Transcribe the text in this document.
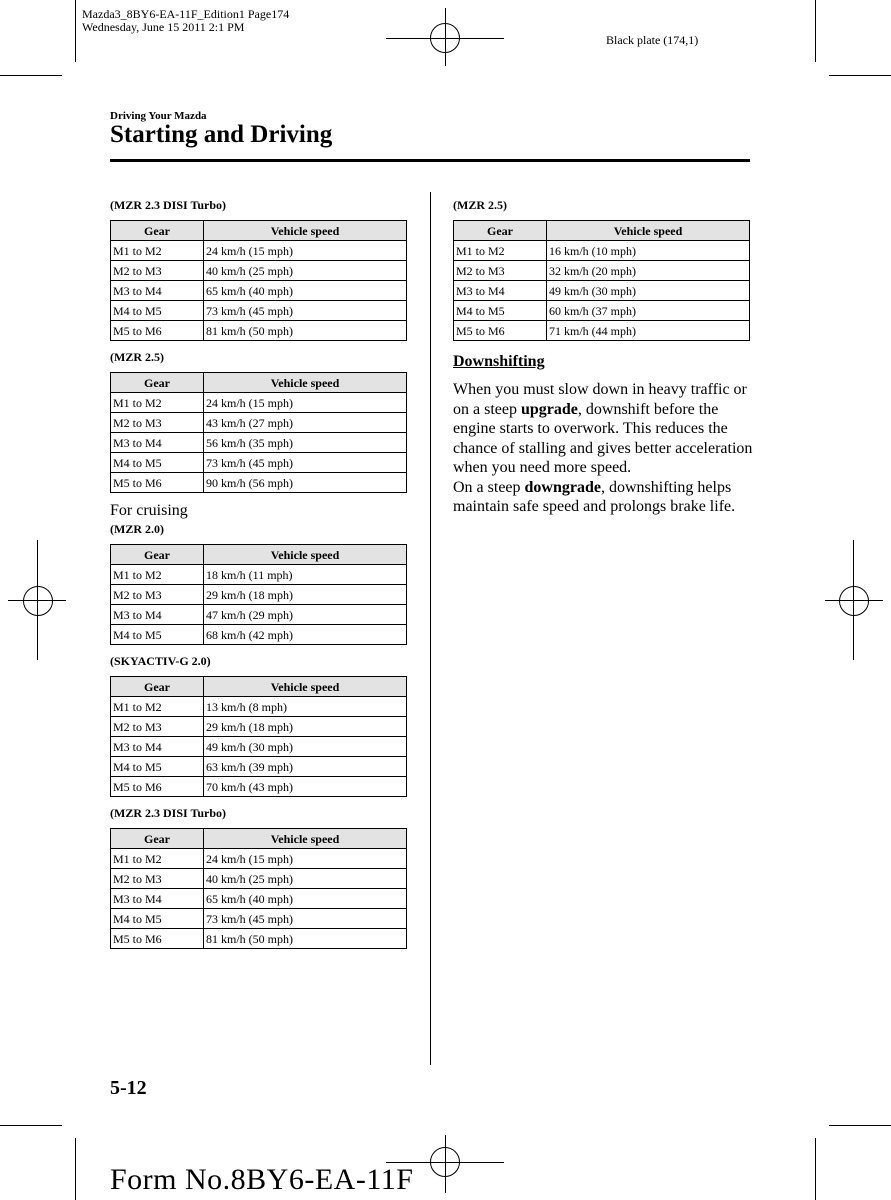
Mazda3_8BY6-EA-11F_Edition1 Page174
Wednesday, June 15 2011 2:1 PM
Black plate (174,1)
Driving Your Mazda
Starting and Driving
(MZR 2.3 DISI Turbo)
Gear	Vehicle speed
M1 to M2	24 km/h (15 mph)
M2 to M3	40 km/h (25 mph)
M3 to M4	65 km/h (40 mph)
M4 to M5	73 km/h (45 mph)
M5 to M6	81 km/h (50 mph)
(MZR 2.5)
Gear	Vehicle speed
M1 to M2	24 km/h (15 mph)
M2 to M3	43 km/h (27 mph)
M3 to M4	56 km/h (35 mph)
M4 to M5	73 km/h (45 mph)
M5 to M6	90 km/h (56 mph)
For cruising
(MZR 2.0)
Gear	Vehicle speed
M1 to M2	18 km/h (11 mph)
M2 to M3	29 km/h (18 mph)
M3 to M4	47 km/h (29 mph)
M4 to M5	68 km/h (42 mph)
(SKYACTIV-G 2.0)
Gear	Vehicle speed
M1 to M2	13 km/h (8 mph)
M2 to M3	29 km/h (18 mph)
M3 to M4	49 km/h (30 mph)
M4 to M5	63 km/h (39 mph)
M5 to M6	70 km/h (43 mph)
(MZR 2.3 DISI Turbo)
Gear	Vehicle speed
M1 to M2	24 km/h (15 mph)
M2 to M3	40 km/h (25 mph)
M3 to M4	65 km/h (40 mph)
M4 to M5	73 km/h (45 mph)
M5 to M6	81 km/h (50 mph)
(MZR 2.5)
Gear	Vehicle speed
M1 to M2	16 km/h (10 mph)
M2 to M3	32 km/h (20 mph)
M3 to M4	49 km/h (30 mph)
M4 to M5	60 km/h (37 mph)
M5 to M6	71 km/h (44 mph)
Downshifting
When you must slow down in heavy traffic or on a steep upgrade, downshift before the engine starts to overwork. This reduces the chance of stalling and gives better acceleration when you need more speed.
On a steep downgrade, downshifting helps maintain safe speed and prolongs brake life.
5-12
Form No.8BY6-EA-11F
